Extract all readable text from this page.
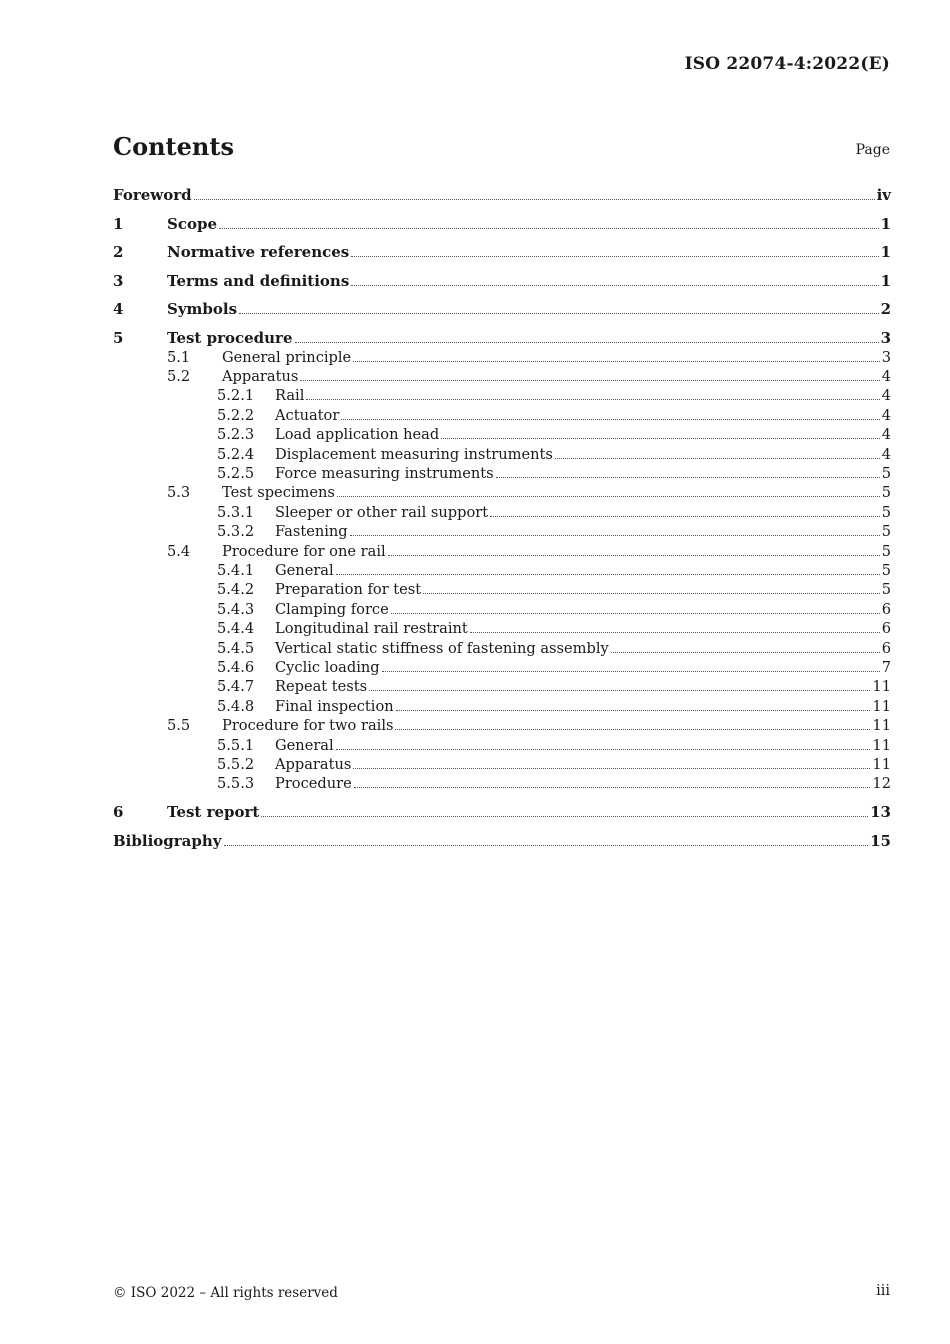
ISO 22074-4:2022(E)
Contents	Page
Foreword	iv
1	Scope	1
2	Normative references	1
3	Terms and definitions	1
4	Symbols	2
5	Test procedure	3
5.1	General principle	3
5.2	Apparatus	4
5.2.1	Rail	4
5.2.2	Actuator	4
5.2.3	Load application head	4
5.2.4	Displacement measuring instruments	4
5.2.5	Force measuring instruments	5
5.3	Test specimens	5
5.3.1	Sleeper or other rail support	5
5.3.2	Fastening	5
5.4	Procedure for one rail	5
5.4.1	General	5
5.4.2	Preparation for test	5
5.4.3	Clamping force	6
5.4.4	Longitudinal rail restraint	6
5.4.5	Vertical static stiffness of fastening assembly	6
5.4.6	Cyclic loading	7
5.4.7	Repeat tests	11
5.4.8	Final inspection	11
5.5	Procedure for two rails	11
5.5.1	General	11
5.5.2	Apparatus	11
5.5.3	Procedure	12
6	Test report	13
Bibliography	15
© ISO 2022 – All rights reserved	iii
